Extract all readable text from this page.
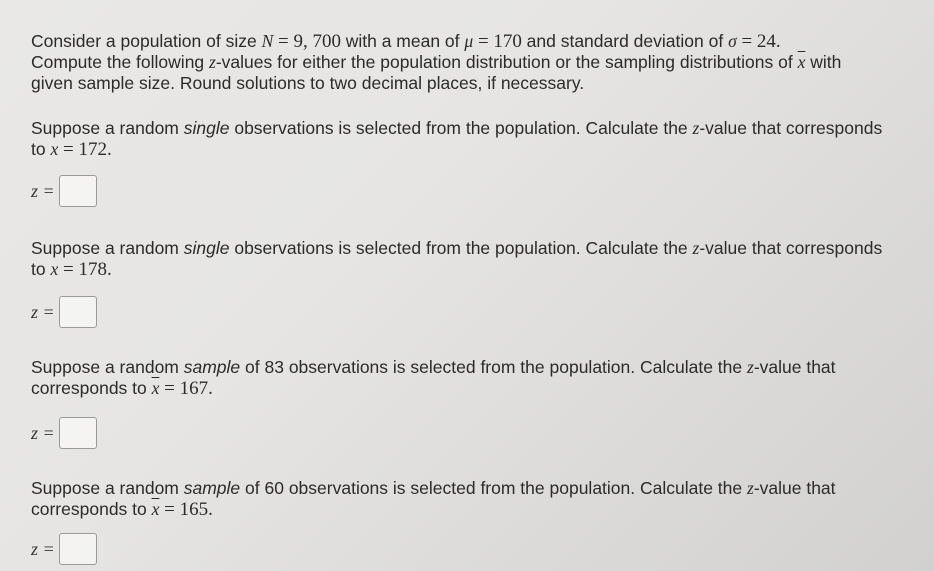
Consider a population of size N = 9, 700 with a mean of μ = 170 and standard deviation of σ = 24.
Compute the following z-values for either the population distribution or the sampling distributions of $\overline{x}$ with
given sample size. Round solutions to two decimal places, if necessary.
Suppose a random single observations is selected from the population. Calculate the z-value that corresponds
to x = 172.
z =
Suppose a random single observations is selected from the population. Calculate the z-value that corresponds
to x = 178.
z =
Suppose a random sample of 83 observations is selected from the population. Calculate the z-value that
corresponds to $\overline{x} = 167$.
z =
Suppose a random sample of 60 observations is selected from the population. Calculate the z-value that
corresponds to $\overline{x} = 165$.
z =
